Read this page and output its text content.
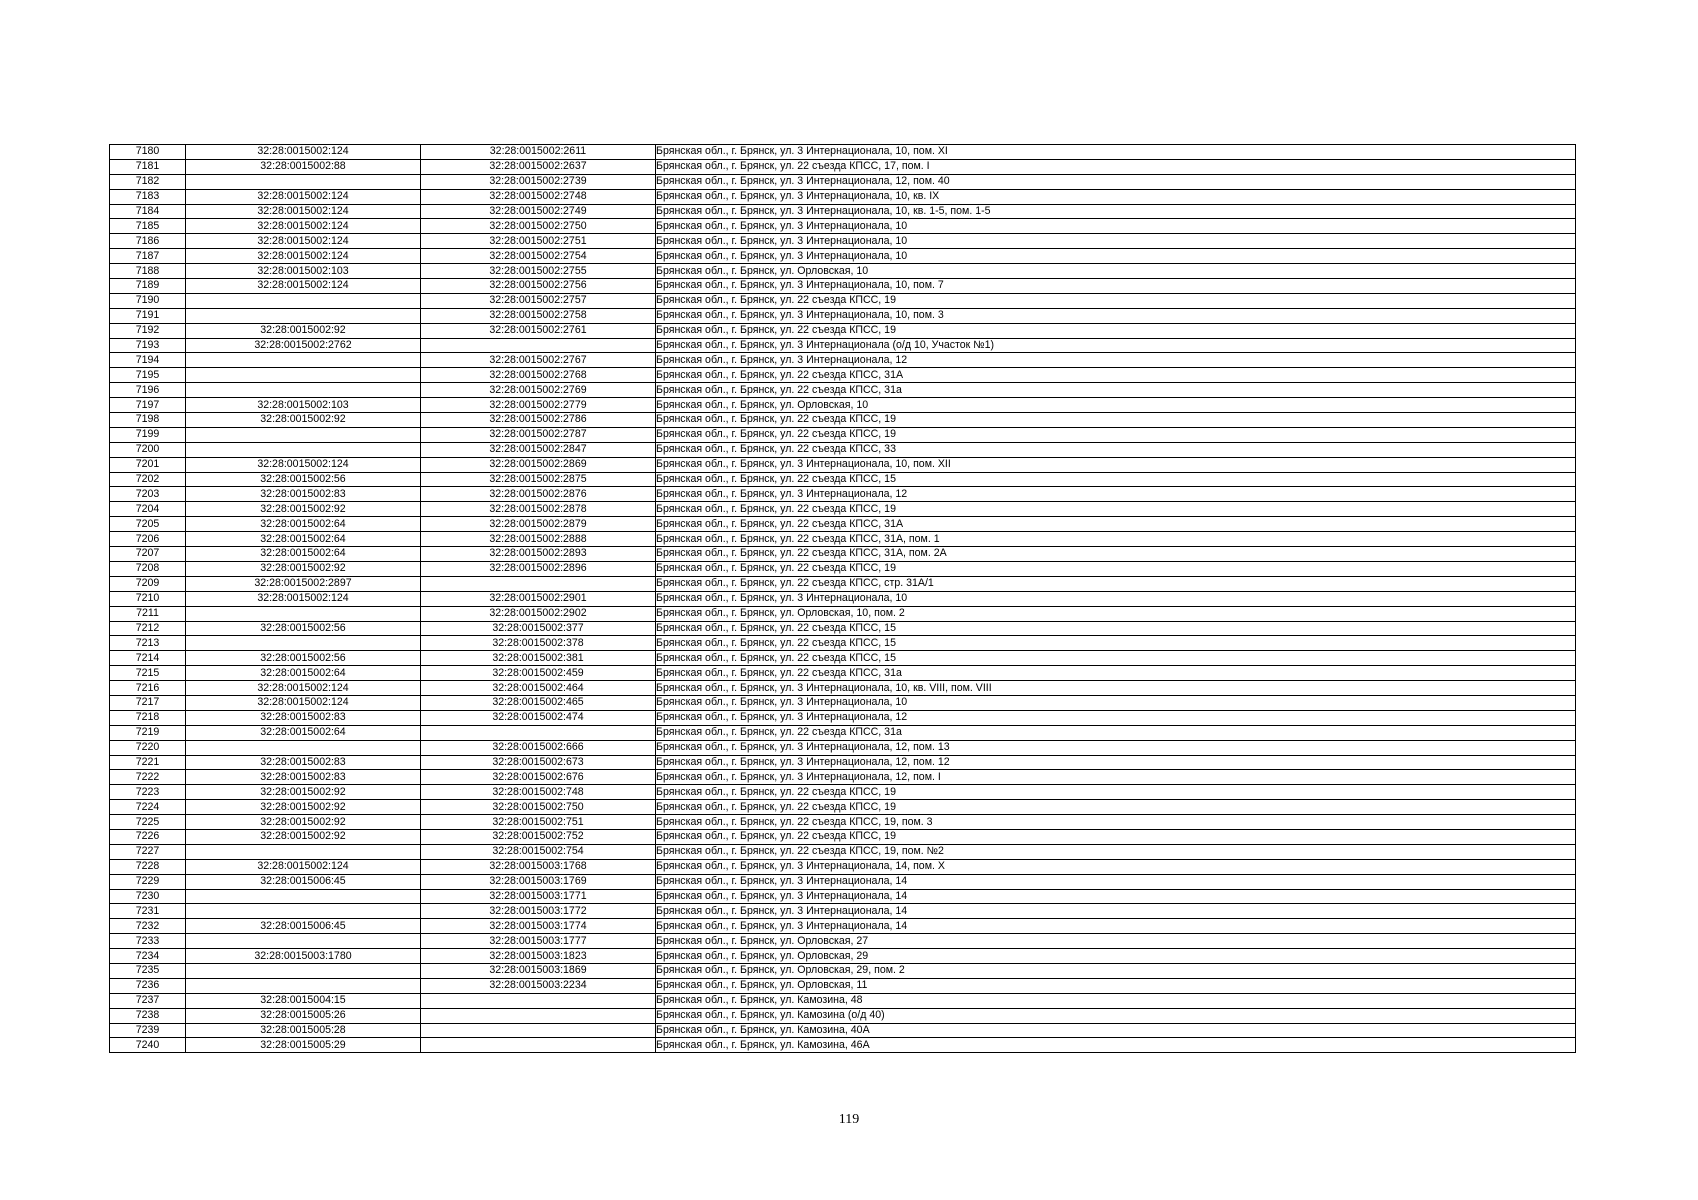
7180	32:28:0015002:124	32:28:0015002:2611	Брянская обл., г. Брянск, ул. 3 Интернационала, 10, пом. XI
7181	32:28:0015002:88	32:28:0015002:2637	Брянская обл., г. Брянск, ул. 22 съезда КПСС, 17, пом. I
7182		32:28:0015002:2739	Брянская обл., г. Брянск, ул. 3 Интернационала, 12, пом. 40
7183	32:28:0015002:124	32:28:0015002:2748	Брянская обл., г. Брянск, ул. 3 Интернационала, 10, кв. IX
7184	32:28:0015002:124	32:28:0015002:2749	Брянская обл., г. Брянск, ул. 3 Интернационала, 10, кв. 1-5, пом. 1-5
7185	32:28:0015002:124	32:28:0015002:2750	Брянская обл., г. Брянск, ул. 3 Интернационала, 10
7186	32:28:0015002:124	32:28:0015002:2751	Брянская обл., г. Брянск, ул. 3 Интернационала, 10
7187	32:28:0015002:124	32:28:0015002:2754	Брянская обл., г. Брянск, ул. 3 Интернационала, 10
7188	32:28:0015002:103	32:28:0015002:2755	Брянская обл., г. Брянск, ул. Орловская, 10
7189	32:28:0015002:124	32:28:0015002:2756	Брянская обл., г. Брянск, ул. 3 Интернационала, 10, пом. 7
7190		32:28:0015002:2757	Брянская обл., г. Брянск, ул. 22 съезда КПСС, 19
7191		32:28:0015002:2758	Брянская обл., г. Брянск, ул. 3 Интернационала, 10, пом. 3
7192	32:28:0015002:92	32:28:0015002:2761	Брянская обл., г. Брянск, ул. 22 съезда КПСС, 19
7193	32:28:0015002:2762		Брянская обл., г. Брянск, ул. 3 Интернационала (о/д 10, Участок №1)
7194		32:28:0015002:2767	Брянская обл., г. Брянск, ул. 3 Интернационала, 12
7195		32:28:0015002:2768	Брянская обл., г. Брянск, ул. 22 съезда КПСС, 31А
7196		32:28:0015002:2769	Брянская обл., г. Брянск, ул. 22 съезда КПСС, 31а
7197	32:28:0015002:103	32:28:0015002:2779	Брянская обл., г. Брянск, ул. Орловская, 10
7198	32:28:0015002:92	32:28:0015002:2786	Брянская обл., г. Брянск, ул. 22 съезда КПСС, 19
7199		32:28:0015002:2787	Брянская обл., г. Брянск, ул. 22 съезда КПСС, 19
7200		32:28:0015002:2847	Брянская обл., г. Брянск, ул. 22 съезда КПСС, 33
7201	32:28:0015002:124	32:28:0015002:2869	Брянская обл., г. Брянск, ул. 3 Интернационала, 10, пом. XII
7202	32:28:0015002:56	32:28:0015002:2875	Брянская обл., г. Брянск, ул. 22 съезда КПСС, 15
7203	32:28:0015002:83	32:28:0015002:2876	Брянская обл., г. Брянск, ул. 3 Интернационала, 12
7204	32:28:0015002:92	32:28:0015002:2878	Брянская обл., г. Брянск, ул. 22 съезда КПСС, 19
7205	32:28:0015002:64	32:28:0015002:2879	Брянская обл., г. Брянск, ул. 22 съезда КПСС, 31А
7206	32:28:0015002:64	32:28:0015002:2888	Брянская обл., г. Брянск, ул. 22 съезда КПСС, 31А, пом. 1
7207	32:28:0015002:64	32:28:0015002:2893	Брянская обл., г. Брянск, ул. 22 съезда КПСС, 31А, пом. 2А
7208	32:28:0015002:92	32:28:0015002:2896	Брянская обл., г. Брянск, ул. 22 съезда КПСС, 19
7209	32:28:0015002:2897		Брянская обл., г. Брянск, ул. 22 съезда КПСС, стр. 31А/1
7210	32:28:0015002:124	32:28:0015002:2901	Брянская обл., г. Брянск, ул. 3 Интернационала, 10
7211		32:28:0015002:2902	Брянская обл., г. Брянск, ул. Орловская, 10, пом. 2
7212	32:28:0015002:56	32:28:0015002:377	Брянская обл., г. Брянск, ул. 22 съезда КПСС, 15
7213		32:28:0015002:378	Брянская обл., г. Брянск, ул. 22 съезда КПСС, 15
7214	32:28:0015002:56	32:28:0015002:381	Брянская обл., г. Брянск, ул. 22 съезда КПСС, 15
7215	32:28:0015002:64	32:28:0015002:459	Брянская обл., г. Брянск, ул. 22 съезда КПСС, 31а
7216	32:28:0015002:124	32:28:0015002:464	Брянская обл., г. Брянск, ул. 3 Интернационала, 10, кв. VIII, пом. VIII
7217	32:28:0015002:124	32:28:0015002:465	Брянская обл., г. Брянск, ул. 3 Интернационала, 10
7218	32:28:0015002:83	32:28:0015002:474	Брянская обл., г. Брянск, ул. 3 Интернационала, 12
7219	32:28:0015002:64		Брянская обл., г. Брянск, ул. 22 съезда КПСС, 31а
7220		32:28:0015002:666	Брянская обл., г. Брянск, ул. 3 Интернационала, 12, пом. 13
7221	32:28:0015002:83	32:28:0015002:673	Брянская обл., г. Брянск, ул. 3 Интернационала, 12, пом. 12
7222	32:28:0015002:83	32:28:0015002:676	Брянская обл., г. Брянск, ул. 3 Интернационала, 12, пом. I
7223	32:28:0015002:92	32:28:0015002:748	Брянская обл., г. Брянск, ул. 22 съезда КПСС, 19
7224	32:28:0015002:92	32:28:0015002:750	Брянская обл., г. Брянск, ул. 22 съезда КПСС, 19
7225	32:28:0015002:92	32:28:0015002:751	Брянская обл., г. Брянск, ул. 22 съезда КПСС, 19, пом. 3
7226	32:28:0015002:92	32:28:0015002:752	Брянская обл., г. Брянск, ул. 22 съезда КПСС, 19
7227		32:28:0015002:754	Брянская обл., г. Брянск, ул. 22 съезда КПСС, 19, пом. №2
7228	32:28:0015002:124	32:28:0015003:1768	Брянская обл., г. Брянск, ул. 3 Интернационала, 14, пом. X
7229	32:28:0015006:45	32:28:0015003:1769	Брянская обл., г. Брянск, ул. 3 Интернационала, 14
7230		32:28:0015003:1771	Брянская обл., г. Брянск, ул. 3 Интернационала, 14
7231		32:28:0015003:1772	Брянская обл., г. Брянск, ул. 3 Интернационала, 14
7232	32:28:0015006:45	32:28:0015003:1774	Брянская обл., г. Брянск, ул. 3 Интернационала, 14
7233		32:28:0015003:1777	Брянская обл., г. Брянск, ул. Орловская, 27
7234	32:28:0015003:1780	32:28:0015003:1823	Брянская обл., г. Брянск, ул. Орловская, 29
7235		32:28:0015003:1869	Брянская обл., г. Брянск, ул. Орловская, 29, пом. 2
7236		32:28:0015003:2234	Брянская обл., г. Брянск, ул. Орловская, 11
7237	32:28:0015004:15		Брянская обл., г. Брянск, ул. Камозина, 48
7238	32:28:0015005:26		Брянская обл., г. Брянск, ул. Камозина (о/д 40)
7239	32:28:0015005:28		Брянская обл., г. Брянск, ул. Камозина, 40А
7240	32:28:0015005:29		Брянская обл., г. Брянск, ул. Камозина, 46А
119
